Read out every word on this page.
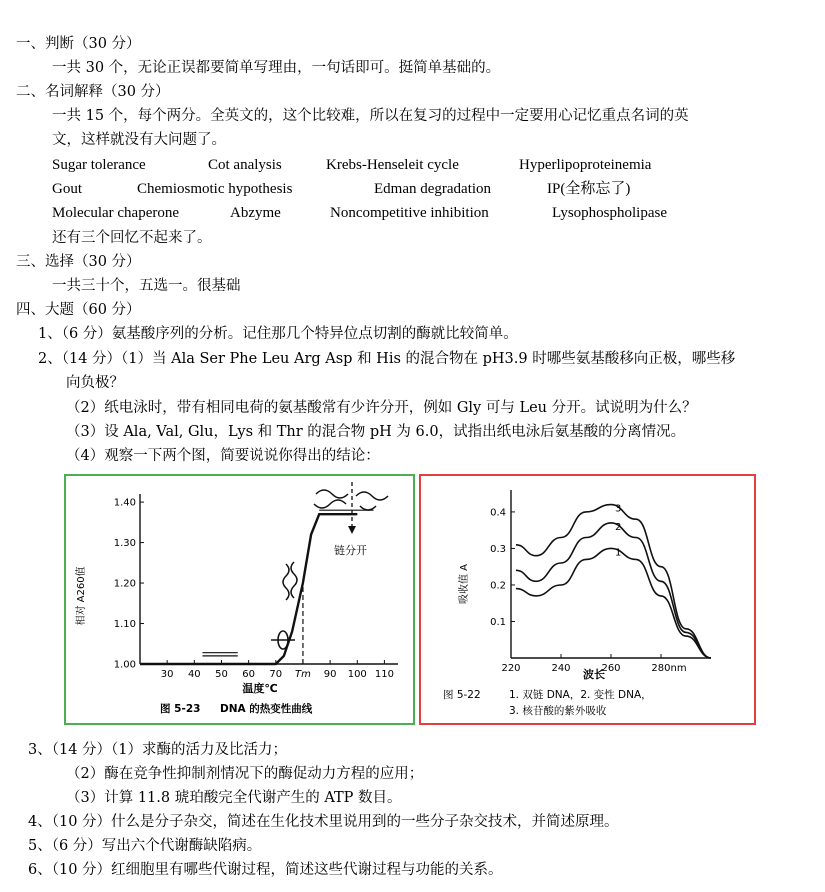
一、判断（30 分）
一共 30 个，无论正误都要简单写理由，一句话即可。挺简单基础的。
二、名词解释（30 分）
一共 15 个，每个两分。全英文的，这个比较难，所以在复习的过程中一定要用心记忆重点名词的英
文，这样就没有大问题了。
Sugar tolerance	Cot analysis	Krebs-Henseleit cycle	Hyperlipoproteinemia
Gout	Chemiosmotic hypothesis	Edman degradation	IP(全称忘了)
Molecular chaperone	Abzyme	Noncompetitive inhibition	Lysophospholipase
还有三个回忆不起来了。
三、选择（30 分）
一共三十个，五选一。很基础
四、大题（60 分）
1、（6 分）氨基酸序列的分析。记住那几个特异位点切割的酶就比较简单。
2、（14 分）（1）当 Ala Ser Phe Leu Arg Asp 和 His 的混合物在 pH3.9 时哪些氨基酸移向正极，哪些移
向负极？
（2）纸电泳时，带有相同电荷的氨基酸常有少许分开，例如 Gly 可与 Leu 分开。试说明为什么？
（3）设 Ala, Val, Glu，Lys 和 Thr 的混合物 pH 为 6.0，试指出纸电泳后氨基酸的分离情况。
（4）观察一下两个图，简要说说你得出的结论：
30 40 50 60 70 Tm 90 100 110
1.00
1.10
1.20
1.30
1.40
链分开
相对 A260值
温度℃
图 5-23 DNA 的热变性曲线
220	240	260	280nm
0.1
0.2
0.3
0.4
1
2
3
吸收值 A
波长
图 5-22	1. 双链 DNA，2. 变性 DNA，
3. 核苷酸的紫外吸收
3、（14 分）（1）求酶的活力及比活力；
（2）酶在竞争性抑制剂情况下的酶促动力方程的应用；
（3）计算 11.8 琥珀酸完全代谢产生的 ATP 数目。
4、（10 分）什么是分子杂交，简述在生化技术里说用到的一些分子杂交技术，并简述原理。
5、（6 分）写出六个代谢酶缺陷病。
6、（10 分）红细胞里有哪些代谢过程，简述这些代谢过程与功能的关系。
